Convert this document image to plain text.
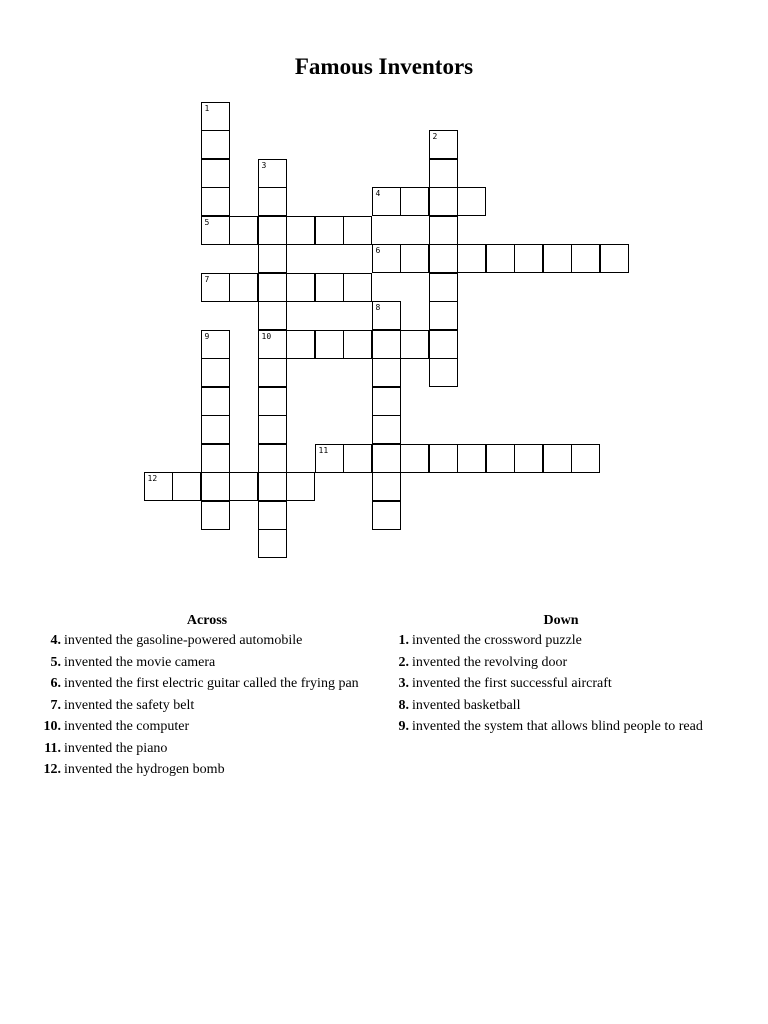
Famous Inventors
1
5
2
3
10
4
6
7
8
9
11
12
Across
4. invented the gasoline-powered automobile
5. invented the movie camera
6. invented the first electric guitar called the frying pan
7. invented the safety belt
10. invented the computer
11. invented the piano
12. invented the hydrogen bomb
Down
1. invented the crossword puzzle
2. invented the revolving door
3. invented the first successful aircraft
8. invented basketball
9. invented the system that allows blind people to read
